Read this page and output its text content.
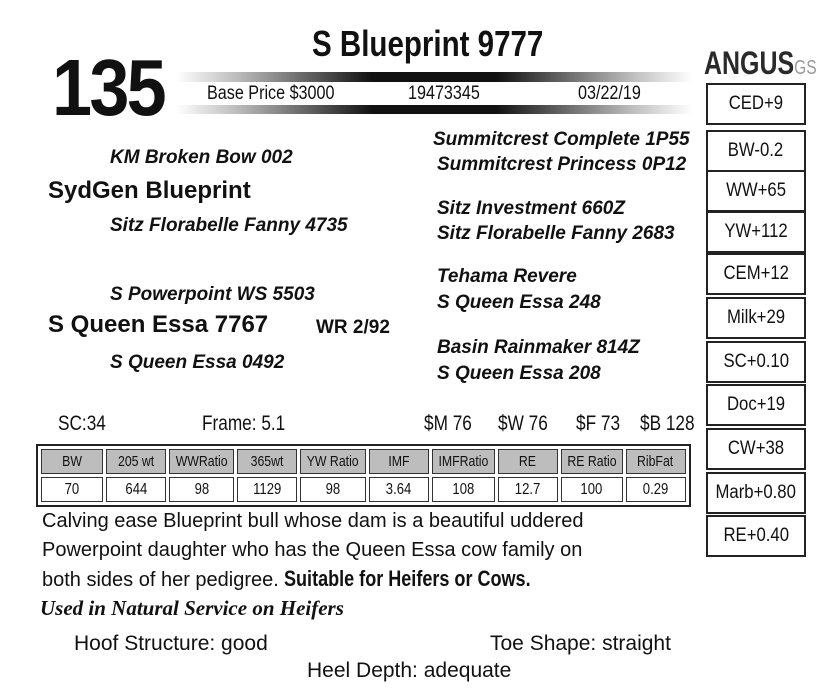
135	S Blueprint 9777
Base Price $3000	19473345	03/22/19
ANGUSGS
CED+9
BW-0.2
WW+65
YW+112
CEM+12
Milk+29
SC+0.10
Doc+19
CW+38
Marb+0.80
RE+0.40
KM Broken Bow 002
SydGen Blueprint
Sitz Florabelle Fanny 4735
S Powerpoint WS 5503
S Queen Essa 7767	WR 2/92
S Queen Essa 0492
Summitcrest Complete 1P55
Summitcrest Princess 0P12
Sitz Investment 660Z
Sitz Florabelle Fanny 2683
Tehama Revere
S Queen Essa 248
Basin Rainmaker 814Z
S Queen Essa 208
SC:34	Frame: 5.1	$M 76 $W 76 $F 73 $B 128
BW	205 wt	WWRatio	365wt	YW Ratio	IMF	IMFRatio	RE	RE Ratio	RibFat
70	644	98	1129	98	3.64	108	12.7	100	0.29
Calving ease Blueprint bull whose dam is a beautiful uddered
Powerpoint daughter who has the Queen Essa cow family on
both sides of her pedigree. Suitable for Heifers or Cows.
Used in Natural Service on Heifers
Hoof Structure: good	Toe Shape: straight
Heel Depth: adequate
